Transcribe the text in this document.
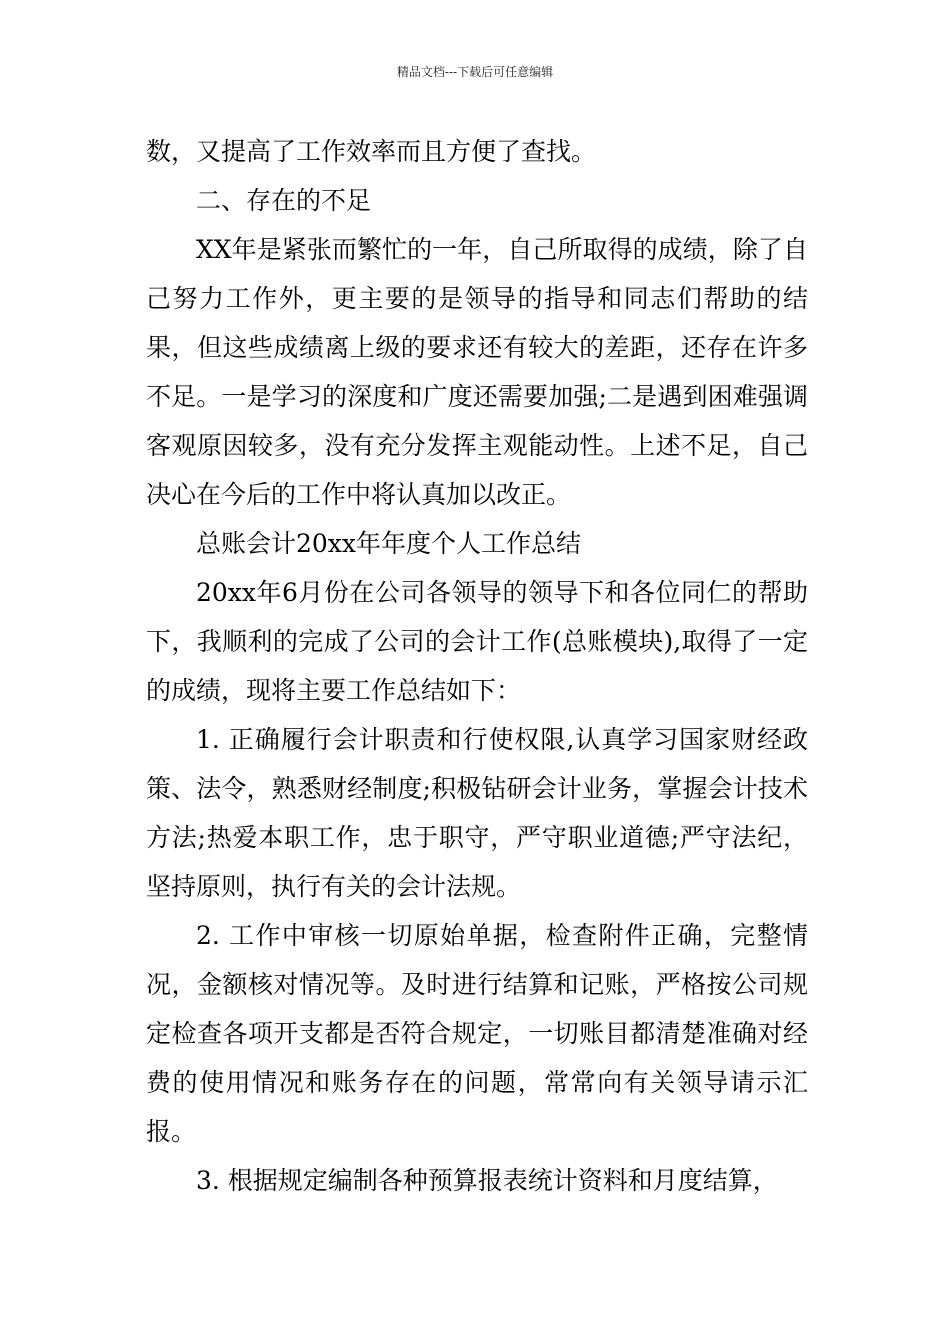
精品文档---下载后可任意编辑

数，又提高了工作效率而且方便了查找。

二、存在的不足

XX年是紧张而繁忙的一年，自己所取得的成绩，除了自己努力工作外，更主要的是领导的指导和同志们帮助的结果，但这些成绩离上级的要求还有较大的差距，还存在许多不足。一是学习的深度和广度还需要加强;二是遇到困难强调客观原因较多，没有充分发挥主观能动性。上述不足，自己决心在今后的工作中将认真加以改正。

总账会计20xx年年度个人工作总结

20xx年6月份在公司各领导的领导下和各位同仁的帮助下，我顺利的完成了公司的会计工作(总账模块),取得了一定的成绩，现将主要工作总结如下：

1. 正确履行会计职责和行使权限,认真学习国家财经政策、法令，熟悉财经制度;积极钻研会计业务，掌握会计技术方法;热爱本职工作，忠于职守，严守职业道德;严守法纪，坚持原则，执行有关的会计法规。

2. 工作中审核一切原始单据，检查附件正确，完整情况，金额核对情况等。及时进行结算和记账，严格按公司规定检查各项开支都是否符合规定，一切账目都清楚准确对经费的使用情况和账务存在的问题，常常向有关领导请示汇报。

3. 根据规定编制各种预算报表统计资料和月度结算，
